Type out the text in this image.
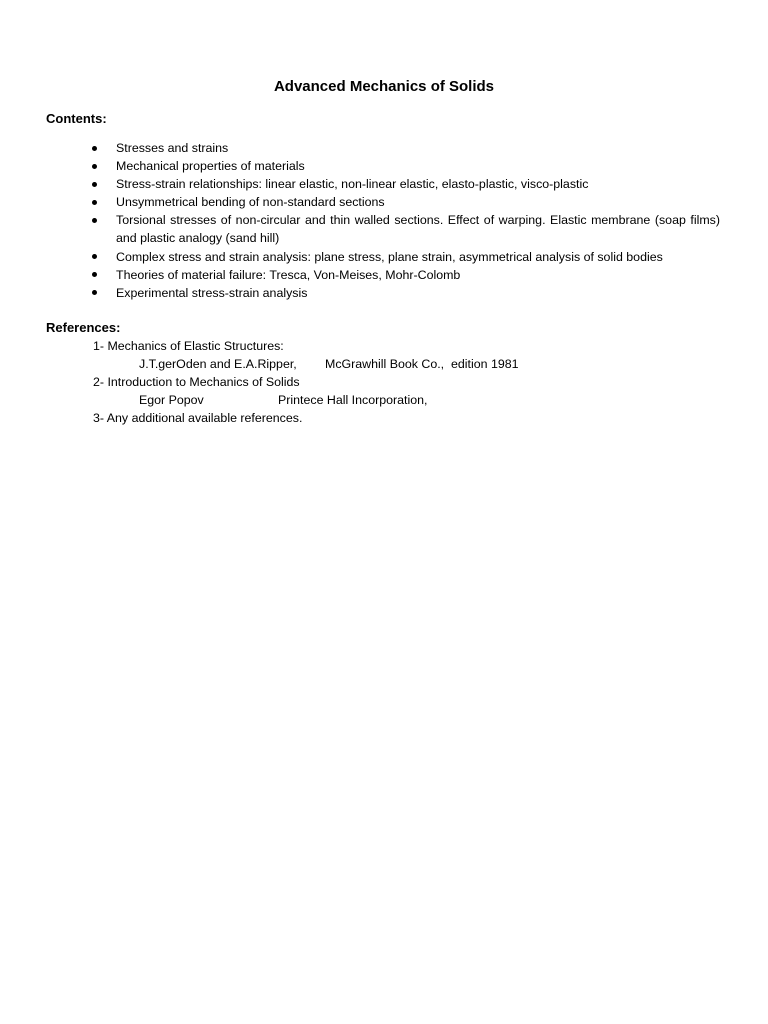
Advanced Mechanics of Solids
Contents:
Stresses and strains
Mechanical properties of materials
Stress-strain relationships: linear elastic, non-linear elastic, elasto-plastic, visco-plastic
Unsymmetrical bending of non-standard sections
Torsional stresses of non-circular and thin walled sections. Effect of warping. Elastic membrane (soap films) and plastic analogy (sand hill)
Complex stress and strain analysis: plane stress, plane strain, asymmetrical analysis of solid bodies
Theories of material failure: Tresca, Von-Meises, Mohr-Colomb
Experimental stress-strain analysis
References:
1- Mechanics of Elastic Structures:
J.T.gerOden and E.A.Ripper, McGrawhill Book Co.,  edition 1981
2- Introduction to Mechanics of Solids
Egor Popov	Printece Hall Incorporation,
3- Any additional available references.
